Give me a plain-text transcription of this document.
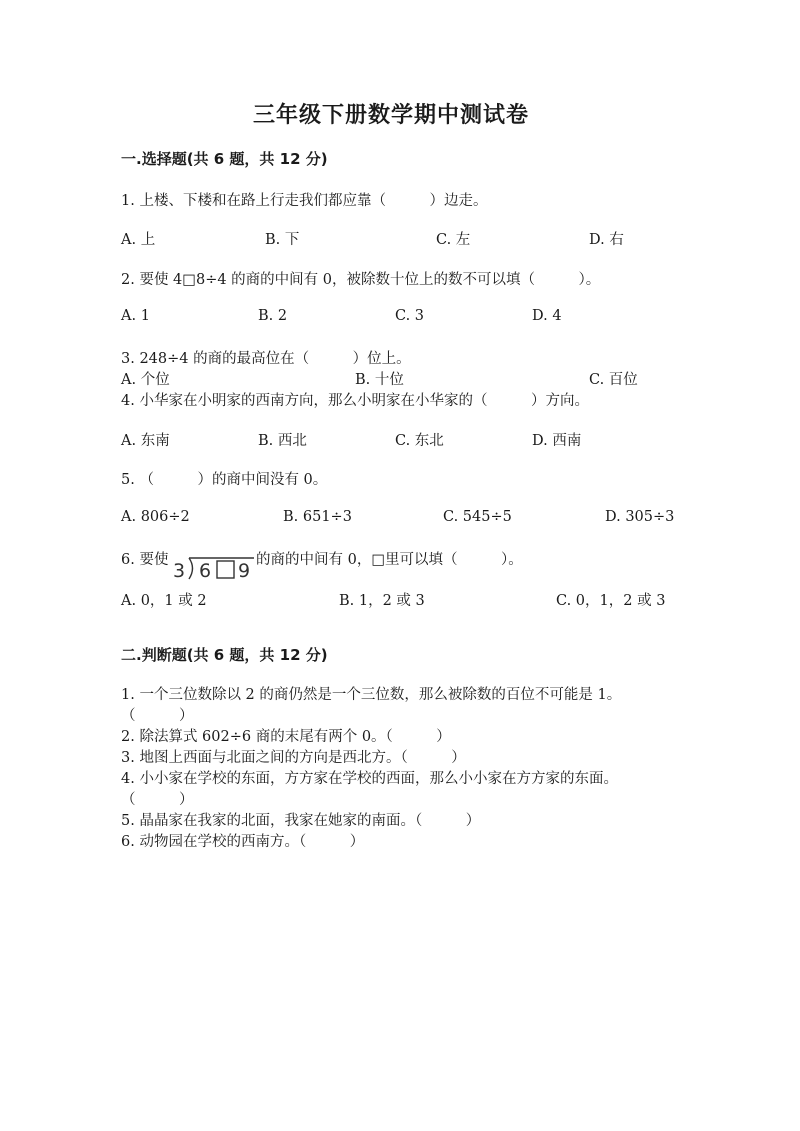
三年级下册数学期中测试卷
一.选择题(共 6 题，共 12 分)
1. 上楼、下楼和在路上行走我们都应靠（　　　）边走。
A. 上	B. 下	C. 左	D. 右
2. 要使 4□8÷4 的商的中间有 0，被除数十位上的数不可以填（　　　）。
A. 1	B. 2	C. 3	D. 4
3. 248÷4 的商的最高位在（　　　）位上。
A. 个位	B. 十位	C. 百位
4. 小华家在小明家的西南方向，那么小明家在小华家的（　　　）方向。
A. 东南	B. 西北	C. 东北	D. 西南
5. （　　　）的商中间没有 0。
A. 806÷2	B. 651÷3	C. 545÷5	D. 305÷3
6. 要使 3 6 9 的商的中间有 0，□里可以填（　　　）。
A. 0，1 或 2	B. 1，2 或 3	C. 0，1，2 或 3
二.判断题(共 6 题，共 12 分)
1. 一个三位数除以 2 的商仍然是一个三位数，那么被除数的百位不可能是 1。
（　　　）
2. 除法算式 602÷6 商的末尾有两个 0。（　　　）
3. 地图上西面与北面之间的方向是西北方。（　　　）
4. 小小家在学校的东面，方方家在学校的西面，那么小小家在方方家的东面。
（　　　）
5. 晶晶家在我家的北面，我家在她家的南面。（　　　）
6. 动物园在学校的西南方。（　　　）
